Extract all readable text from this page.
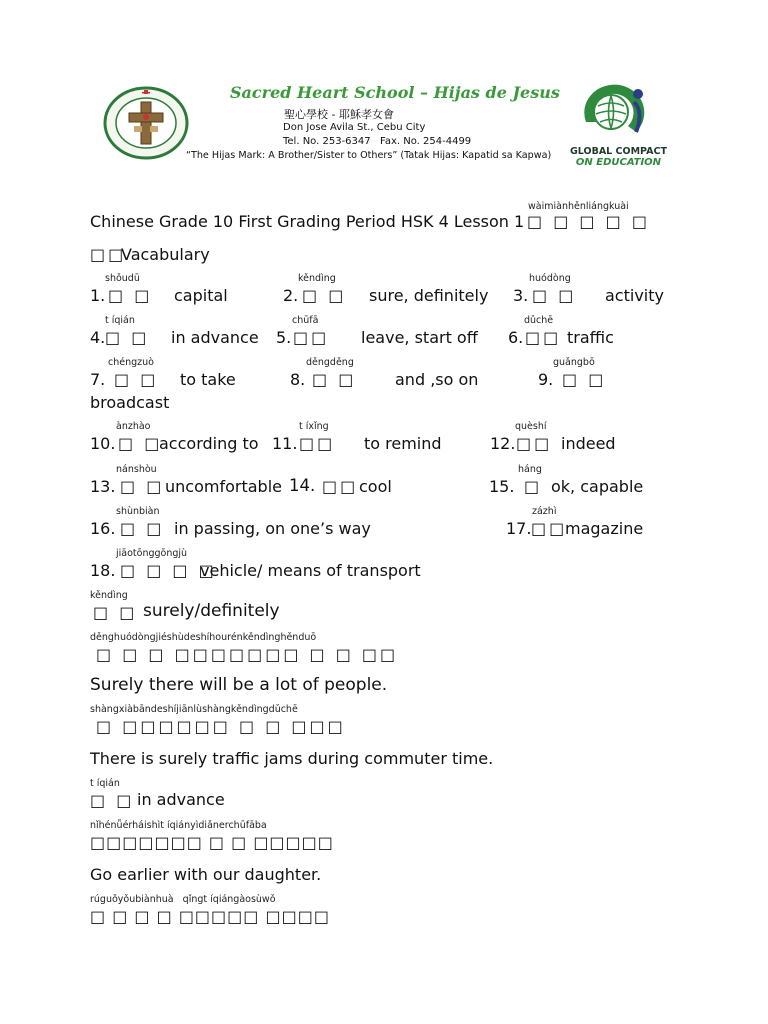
Sacred Heart School – Hijas de Jesus
聖心學校 - 耶穌孝女會
Don Jose Avila St., Cebu City
Tel. No. 253-6347 Fax. No. 254-4499
“The Hijas Mark: A Brother/Sister to Others” (Tatak Hijas: Kapatid sa Kapwa) GLOBAL COMPACT
ON EDUCATION
wàimiànhěnliángkuài
Chinese Grade 10 First Grading Period HSK 4 Lesson 1 □ □ □ □ □
□□
Vacabulary
shǒudū
1. □ □ capital
kěndìng
2. □ □ sure, definitely
huódòng
3. □ □ activity
t íqián
4. □ □ in advance
chūfā
5. □□ leave, start off
dǔchē
6. □□ traffic
chéngzuò
7. □ □ to take
děngděng
8. □ □ and ,so on
guǎngbō
9. □ □
broadcast
ànzhào
10. □ □
according to
t íxǐng
11. □□ to remind
quèshí
12. □□ indeed
nánshòu
13. □ □ uncomfortable 14. □□ cool
háng
15. □ ok, capable
shùnbiàn
16. □ □ in passing, on one’s way
zázhì
17. □□
magazine
jiāotōnggōngjù
18. □ □ □ □
vehicle/ means of transport
kěndìng
□ □ surely/definitely
děnghuódòngjiéshùdeshíhourénkěndìnghěnduō
□ □ □ □□□□□□□ □ □ □□
Surely there will be a lot of people.
shàngxiàbāndeshíjiānlùshàngkěndìngdǔchē
□ □□□□□□ □ □ □□□
There is surely traffic jams during commuter time.
t íqián
□ □ in advance
nǐhénǚérháishìt íqiányìdiǎnerchūfāba
□□□□□□□ □ □ □□□□□
Go earlier with our daughter.
rúguǒyǒubiànhuà   qǐngt íqiángàosùwǒ
□ □ □ □ □□□□□ □□□□
